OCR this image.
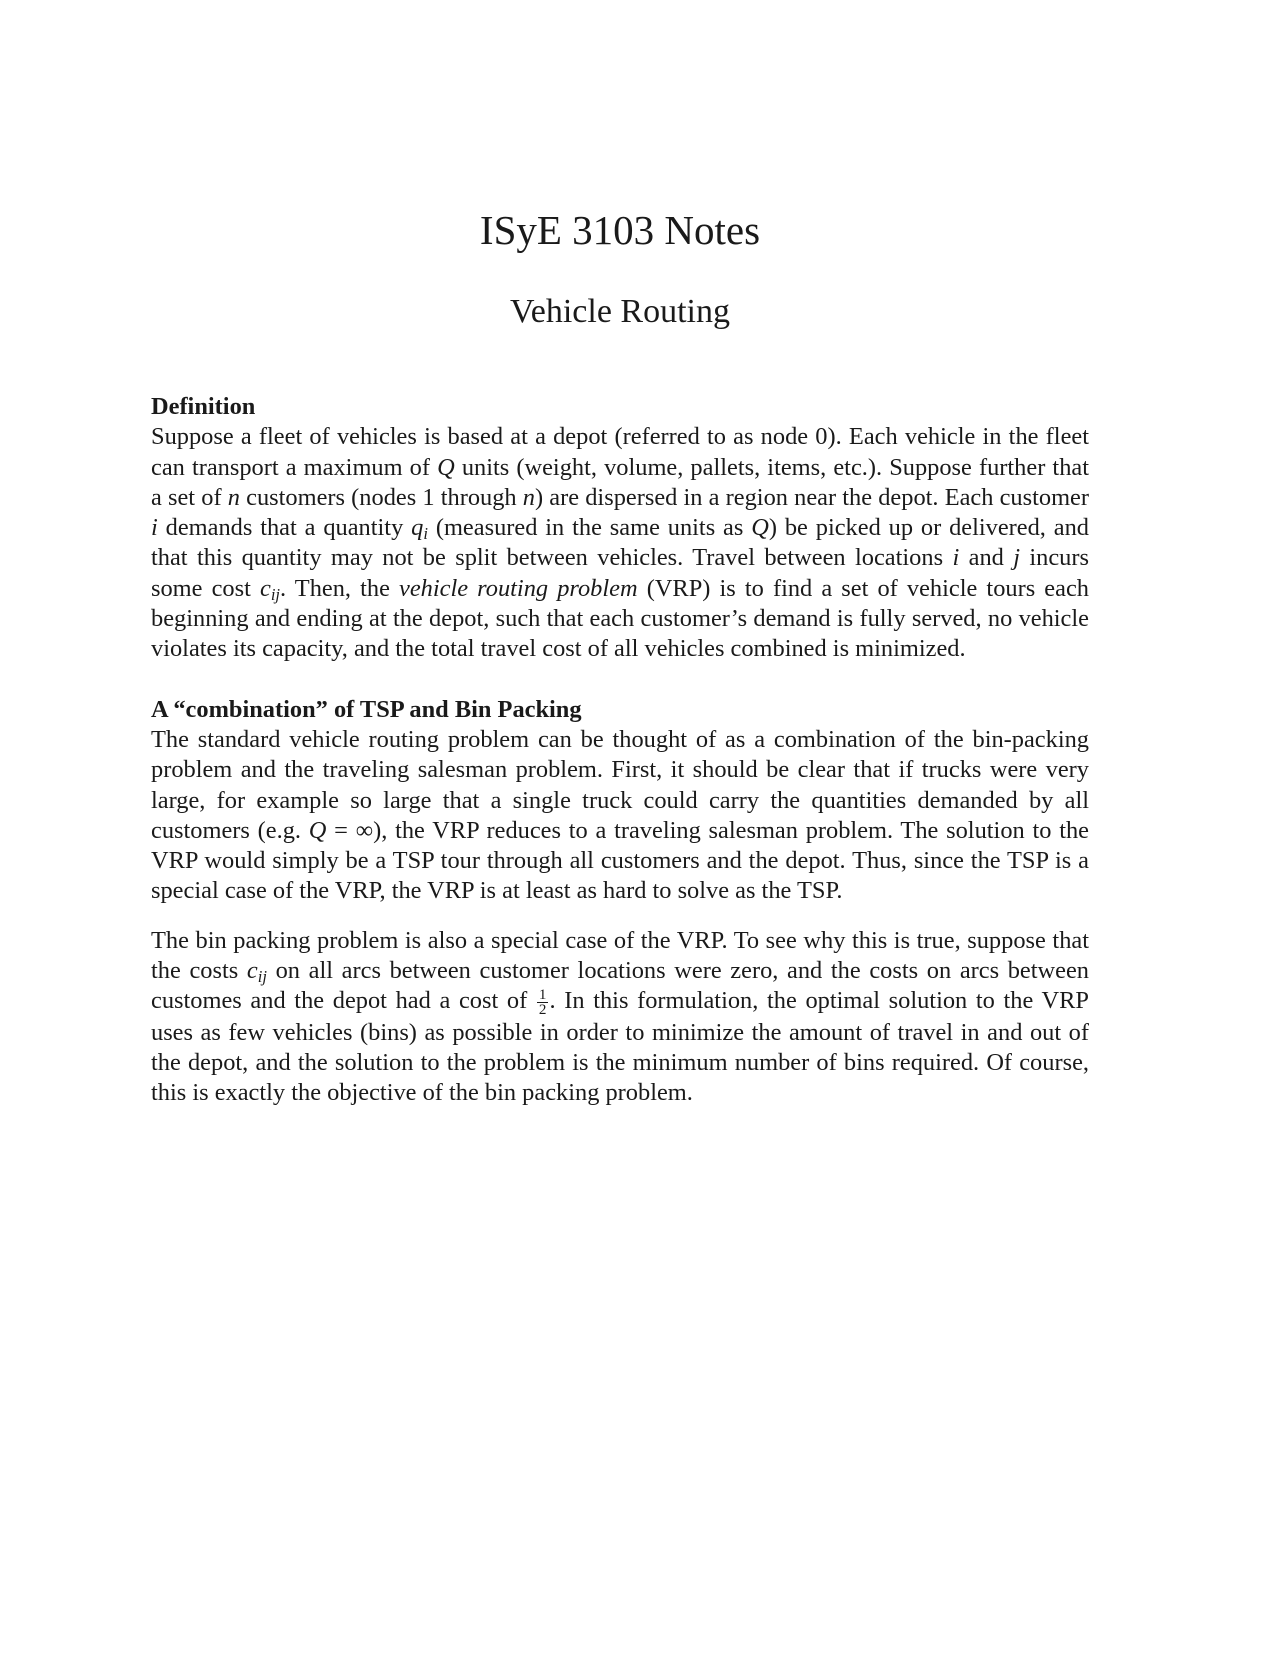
ISyE 3103 Notes
Vehicle Routing
Definition

Suppose a fleet of vehicles is based at a depot (referred to as node 0). Each vehicle in the fleet can transport a maximum of Q units (weight, volume, pallets, items, etc.). Suppose further that a set of n customers (nodes 1 through n) are dispersed in a region near the depot. Each customer i demands that a quantity $q_i$ (measured in the same units as Q) be picked up or delivered, and that this quantity may not be split between vehicles. Travel between locations i and j incurs some cost $c_{ij}$. Then, the vehicle routing problem (VRP) is to find a set of vehicle tours each beginning and ending at the depot, such that each customer’s demand is fully served, no vehicle violates its capacity, and the total travel cost of all vehicles combined is minimized.

A “combination” of TSP and Bin Packing

The standard vehicle routing problem can be thought of as a combination of the bin-packing problem and the traveling salesman problem. First, it should be clear that if trucks were very large, for example so large that a single truck could carry the quantities demanded by all customers (e.g. Q = ∞), the VRP reduces to a traveling salesman problem. The solution to the VRP would simply be a TSP tour through all customers and the depot. Thus, since the TSP is a special case of the VRP, the VRP is at least as hard to solve as the TSP.

The bin packing problem is also a special case of the VRP. To see why this is true, suppose that the costs $c_{ij}$ on all arcs between customer locations were zero, and the costs on arcs between customes and the depot had a cost of $\frac{1}{2}$ . In this formulation, the optimal solution to the VRP uses as few vehicles (bins) as possible in order to minimize the amount of travel in and out of the depot, and the solution to the problem is the minimum number of bins required. Of course, this is exactly the objective of the bin packing problem.
